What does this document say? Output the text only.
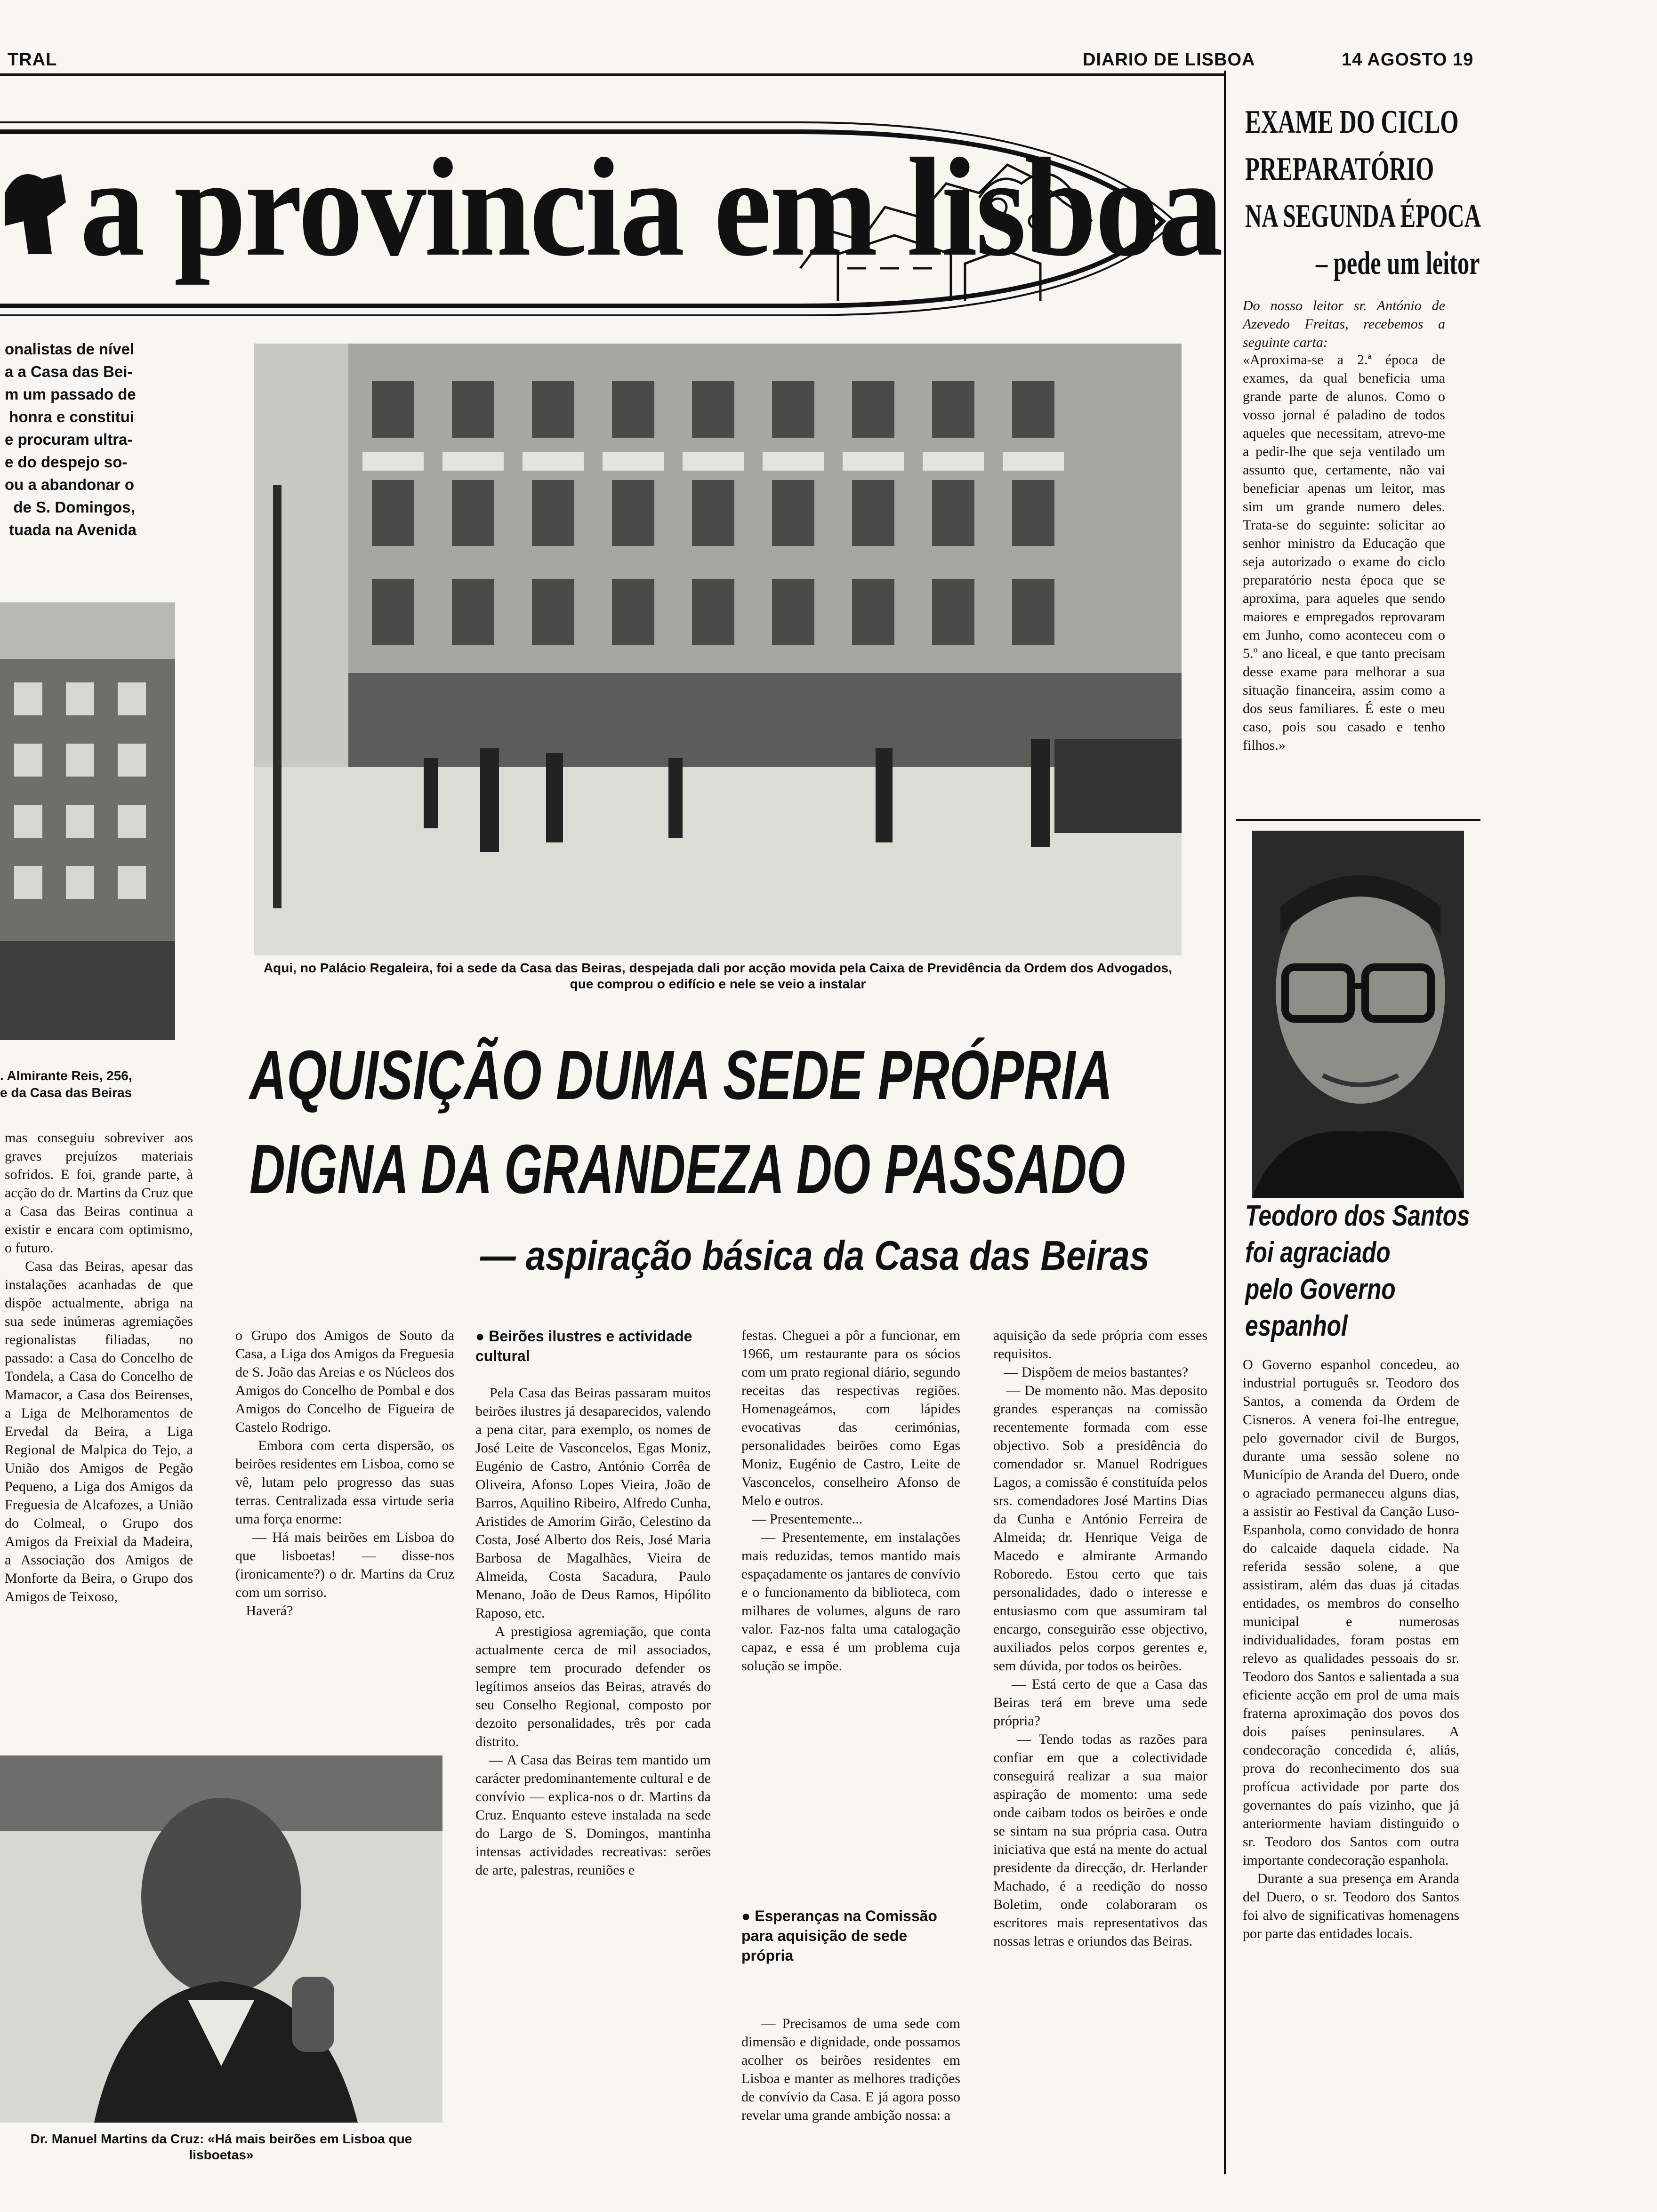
TRAL	DIARIO DE LISBOA	14 AGOSTO 19
a provincia em lisboa
onalistas de nível
a a Casa das Bei-
m um passado de
honra e constitui
e procuram ultra-
e do despejo so-
ou a abandonar o
de S. Domingos,
tuada na Avenida
. Almirante Reis, 256,
e da Casa das Beiras
mas conseguiu sobreviver aos graves prejuízos materiais sofridos. E foi, grande parte, à acção do dr. Martins da Cruz que a Casa das Beiras continua a existir e encara com optimismo, o futuro.
Casa das Beiras, apesar das instalações acanhadas de que dispõe actualmente, abriga na sua sede inúmeras agremiações regionalistas filiadas, no passado: a Casa do Concelho de Tondela, a Casa do Concelho de Mamacor, a Casa dos Beirenses, a Liga de Melhoramentos de Ervedal da Beira, a Liga Regional de Malpica do Tejo, a União dos Amigos de Pegão Pequeno, a Liga dos Amigos da Freguesia de Alcafozes, a União do Colmeal, o Grupo dos Amigos da Freixial da Madeira, a Associação dos Amigos de Monforte da Beira, o Grupo dos Amigos de Teixoso,
Aqui, no Palácio Regaleira, foi a sede da Casa das Beiras, despejada dali por acção movida pela Caixa de Previdência da Ordem dos Advogados, que comprou o edifício e nele se veio a instalar
AQUISIÇÃO DUMA SEDE PRÓPRIA
DIGNA DA GRANDEZA DO PASSADO
— aspiração básica da Casa das Beiras
o Grupo dos Amigos de Souto da Casa, a Liga dos Amigos da Freguesia de S. João das Areias e os Núcleos dos Amigos do Concelho de Pombal e dos Amigos do Concelho de Figueira de Castelo Rodrigo.
Embora com certa dispersão, os beirões residentes em Lisboa, como se vê, lutam pelo progresso das suas terras. Centralizada essa virtude seria uma força enorme:
— Há mais beirões em Lisboa do que lisboetas! — disse-nos (ironicamente?) o dr. Martins da Cruz com um sorriso.
Haverá?
● Beirões ilustres e actividade cultural
Pela Casa das Beiras passaram muitos beirões ilustres já desaparecidos, valendo a pena citar, para exemplo, os nomes de José Leite de Vasconcelos, Egas Moniz, Eugénio de Castro, António Corrêa de Oliveira, Afonso Lopes Vieira, João de Barros, Aquilino Ribeiro, Alfredo Cunha, Aristides de Amorim Girão, Celestino da Costa, José Alberto dos Reis, José Maria Barbosa de Magalhães, Vieira de Almeida, Costa Sacadura, Paulo Menano, João de Deus Ramos, Hipólito Raposo, etc.
A prestigiosa agremiação, que conta actualmente cerca de mil associados, sempre tem procurado defender os legítimos anseios das Beiras, através do seu Conselho Regional, composto por dezoito personalidades, três por cada distrito.
— A Casa das Beiras tem mantido um carácter predominantemente cultural e de convívio — explica-nos o dr. Martins da Cruz. Enquanto esteve instalada na sede do Largo de S. Domingos, mantinha intensas actividades recreativas: serões de arte, palestras, reuniões e
festas. Cheguei a pôr a funcionar, em 1966, um restaurante para os sócios com um prato regional diário, segundo receitas das respectivas regiões. Homenageámos, com lápides evocativas das cerimónias, personalidades beirões como Egas Moniz, Eugénio de Castro, Leite de Vasconcelos, conselheiro Afonso de Melo e outros.
— Presentemente...
— Presentemente, em instalações mais reduzidas, temos mantido mais espaçadamente os jantares de convívio e o funcionamento da biblioteca, com milhares de volumes, alguns de raro valor. Faz-nos falta uma catalogação capaz, e essa é um problema cuja solução se impõe.
● Esperanças na Comissão para aquisição de sede própria
— Precisamos de uma sede com dimensão e dignidade, onde possamos acolher os beirões residentes em Lisboa e manter as melhores tradições de convívio da Casa. E já agora posso revelar uma grande ambição nossa: a
aquisição da sede própria com esses requisitos.
— Dispõem de meios bastantes?
— De momento não. Mas deposito grandes esperanças na comissão recentemente formada com esse objectivo. Sob a presidência do comendador sr. Manuel Rodrigues Lagos, a comissão é constituída pelos srs. comendadores José Martins Dias da Cunha e António Ferreira de Almeida; dr. Henrique Veiga de Macedo e almirante Armando Roboredo. Estou certo que tais personalidades, dado o interesse e entusiasmo com que assumiram tal encargo, conseguirão esse objectivo, auxiliados pelos corpos gerentes e, sem dúvida, por todos os beirões.
— Está certo de que a Casa das Beiras terá em breve uma sede própria?
— Tendo todas as razões para confiar em que a colectividade conseguirá realizar a sua maior aspiração de momento: uma sede onde caibam todos os beirões e onde se sintam na sua própria casa. Outra iniciativa que está na mente do actual presidente da direcção, dr. Herlander Machado, é a reedição do nosso Boletim, onde colaboraram os escritores mais representativos das nossas letras e oriundos das Beiras.
Dr. Manuel Martins da Cruz: «Há mais beirões em Lisboa que lisboetas»
EXAME DO CICLO
PREPARATÓRIO
NA SEGUNDA ÉPOCA
– pede um leitor
Do nosso leitor sr. António de Azevedo Freitas, recebemos a seguinte carta:
«Aproxima-se a 2.ª época de exames, da qual beneficia uma grande parte de alunos. Como o vosso jornal é paladino de todos aqueles que necessitam, atrevo-me a pedir-lhe que seja ventilado um assunto que, certamente, não vai beneficiar apenas um leitor, mas sim um grande numero deles. Trata-se do seguinte: solicitar ao senhor ministro da Educação que seja autorizado o exame do ciclo preparatório nesta época que se aproxima, para aqueles que sendo maiores e empregados reprovaram em Junho, como aconteceu com o 5.º ano liceal, e que tanto precisam desse exame para melhorar a sua situação financeira, assim como a dos seus familiares. É este o meu caso, pois sou casado e tenho filhos.»
Teodoro dos Santos
foi agraciado
pelo Governo
espanhol
O Governo espanhol concedeu, ao industrial português sr. Teodoro dos Santos, a comenda da Ordem de Cisneros. A venera foi-lhe entregue, pelo governador civil de Burgos, durante uma sessão solene no Município de Aranda del Duero, onde o agraciado permaneceu alguns dias, a assistir ao Festival da Canção Luso-Espanhola, como convidado de honra do calcaide daquela cidade. Na referida sessão solene, a que assistiram, além das duas já citadas entidades, os membros do conselho municipal e numerosas individualidades, foram postas em relevo as qualidades pessoais do sr. Teodoro dos Santos e salientada a sua eficiente acção em prol de uma mais fraterna aproximação dos povos dos dois países peninsulares. A condecoração concedida é, aliás, prova do reconhecimento dos sua profícua actividade por parte dos governantes do país vizinho, que já anteriormente haviam distinguido o sr. Teodoro dos Santos com outra importante condecoração espanhola.
Durante a sua presença em Aranda del Duero, o sr. Teodoro dos Santos foi alvo de significativas homenagens por parte das entidades locais.
